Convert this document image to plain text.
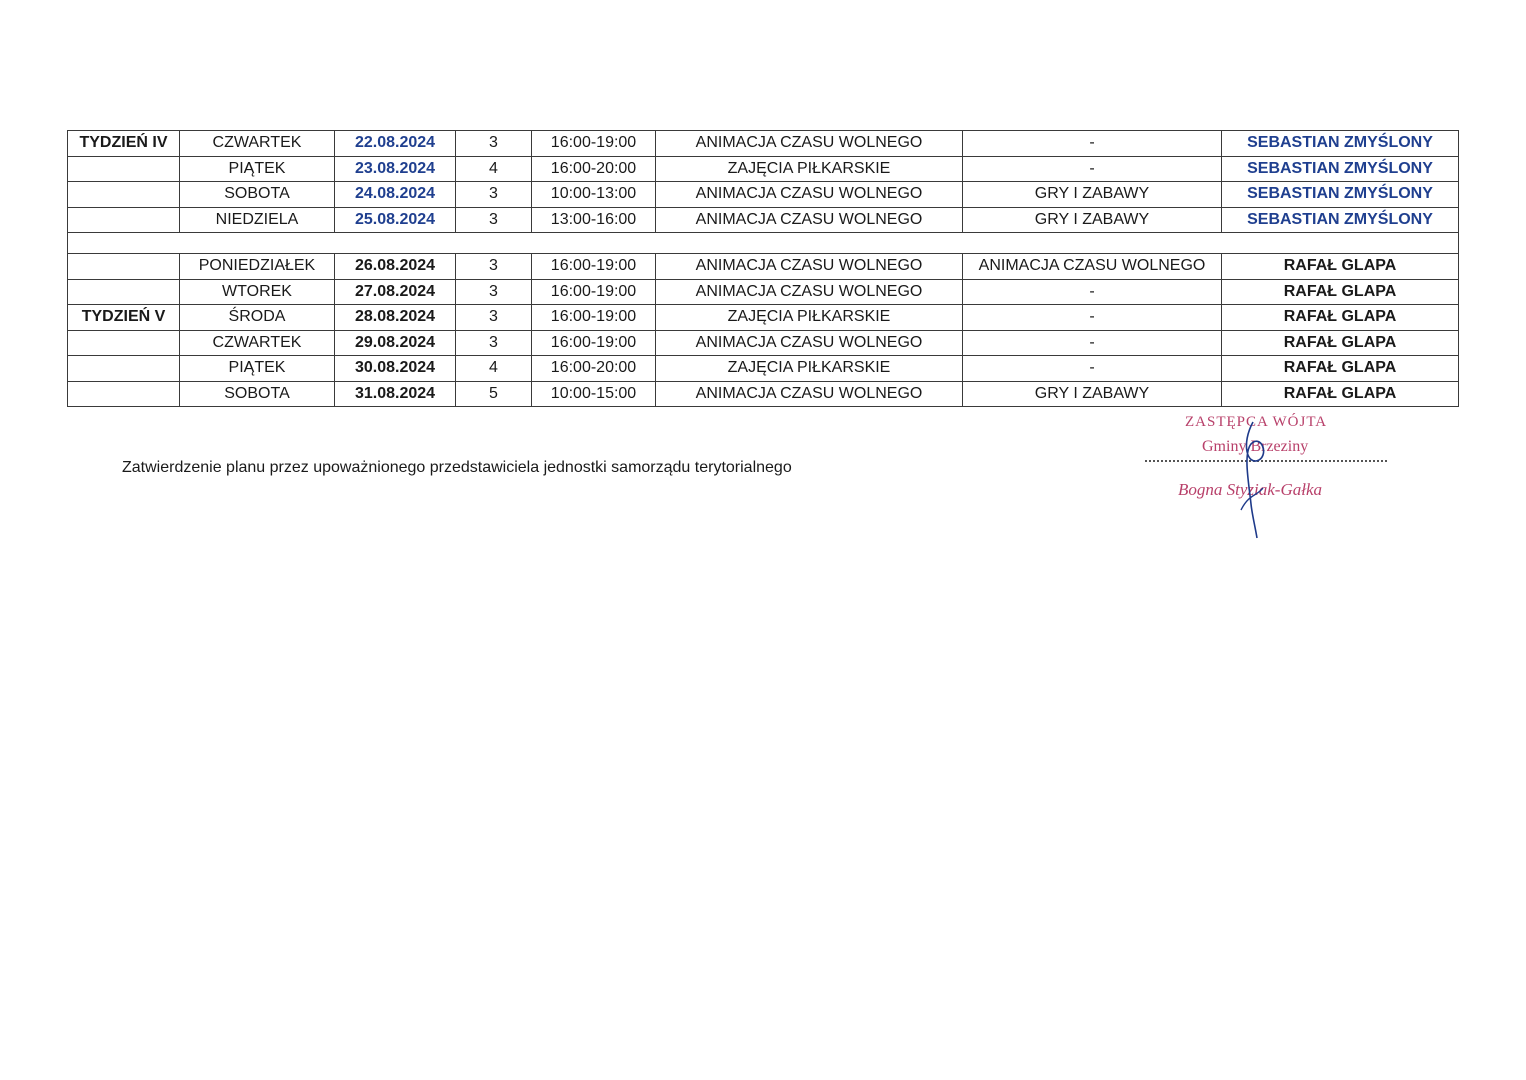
TYDZIEŃ IV	CZWARTEK	22.08.2024	3	16:00-19:00	ANIMACJA CZASU WOLNEGO	-	SEBASTIAN ZMYŚLONY
	PIĄTEK	23.08.2024	4	16:00-20:00	ZAJĘCIA PIŁKARSKIE	-	SEBASTIAN ZMYŚLONY
	SOBOTA	24.08.2024	3	10:00-13:00	ANIMACJA CZASU WOLNEGO	GRY I ZABAWY	SEBASTIAN ZMYŚLONY
	NIEDZIELA	25.08.2024	3	13:00-16:00	ANIMACJA CZASU WOLNEGO	GRY I ZABAWY	SEBASTIAN ZMYŚLONY

	PONIEDZIAŁEK	26.08.2024	3	16:00-19:00	ANIMACJA CZASU WOLNEGO	ANIMACJA CZASU WOLNEGO	RAFAŁ GLAPA
	WTOREK	27.08.2024	3	16:00-19:00	ANIMACJA CZASU WOLNEGO	-	RAFAŁ GLAPA
TYDZIEŃ V	ŚRODA	28.08.2024	3	16:00-19:00	ZAJĘCIA PIŁKARSKIE	-	RAFAŁ GLAPA
	CZWARTEK	29.08.2024	3	16:00-19:00	ANIMACJA CZASU WOLNEGO	-	RAFAŁ GLAPA
	PIĄTEK	30.08.2024	4	16:00-20:00	ZAJĘCIA PIŁKARSKIE	-	RAFAŁ GLAPA
	SOBOTA	31.08.2024	5	10:00-15:00	ANIMACJA CZASU WOLNEGO	GRY I ZABAWY	RAFAŁ GLAPA
Zatwierdzenie planu przez upoważnionego przedstawiciela jednostki samorządu terytorialnego
ZASTĘPCA WÓJTA
Gminy Brzeziny
Bogna Styziak-Gałka
